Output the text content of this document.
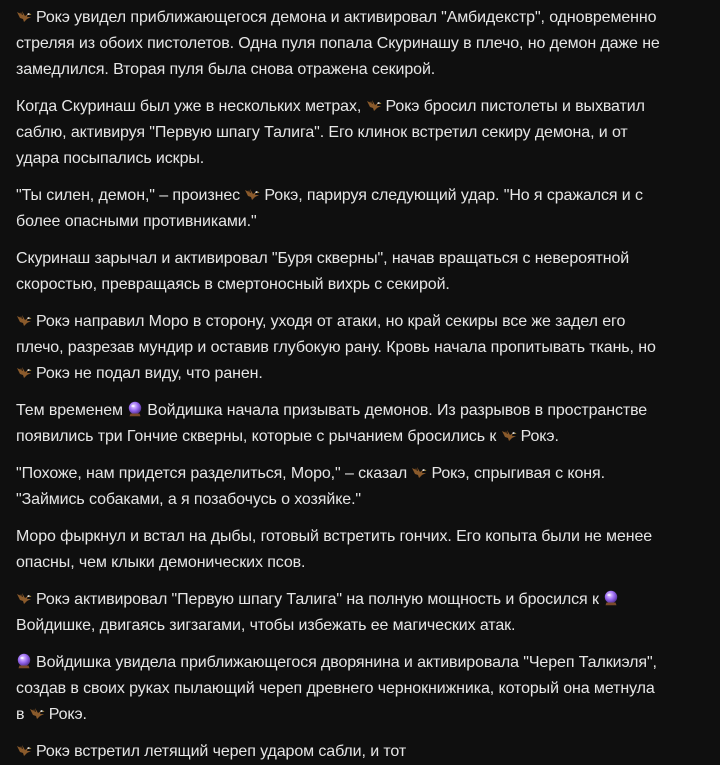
Рокэ увидел приближающегося демона и активировал "Амбидекстр", одновременно
стреляя из обоих пистолетов. Одна пуля попала Скуринашу в плечо, но демон даже не
замедлился. Вторая пуля была снова отражена секирой.

Когда Скуринаш был уже в нескольких метрах,
Рокэ бросил пистолеты и выхватил
саблю, активируя "Первую шпагу Талига". Его клинок встретил секиру демона, и от
удара посыпались искры.

"Ты силен, демон," – произнес
Рокэ, парируя следующий удар. "Но я сражался и с
более опасными противниками."

Скуринаш зарычал и активировал "Буря скверны", начав вращаться с невероятной
скоростью, превращаясь в смертоносный вихрь с секирой.

Рокэ направил Моро в сторону, уходя от атаки, но край секиры все же задел его
плечо, разрезав мундир и оставив глубокую рану. Кровь начала пропитывать ткань, но
Рокэ не подал виду, что ранен.

Тем временем
Войдишка начала призывать демонов. Из разрывов в пространстве
появились три Гончие скверны, которые с рычанием бросились к
Рокэ.

"Похоже, нам придется разделиться, Моро," – сказал
Рокэ, спрыгивая с коня.
"Займись собаками, а я позабочусь о хозяйке."

Моро фыркнул и встал на дыбы, готовый встретить гончих. Его копыта были не менее
опасны, чем клыки демонических псов.

Рокэ активировал "Первую шпагу Талига" на полную мощность и бросился к
Войдишке, двигаясь зигзагами, чтобы избежать ее магических атак.

Войдишка увидела приближающегося дворянина и активировала "Череп Талкиэля",
создав в своих руках пылающий череп древнего чернокнижника, который она метнула
в
Рокэ.

Рокэ встретил летящий череп ударом сабли, и тот
